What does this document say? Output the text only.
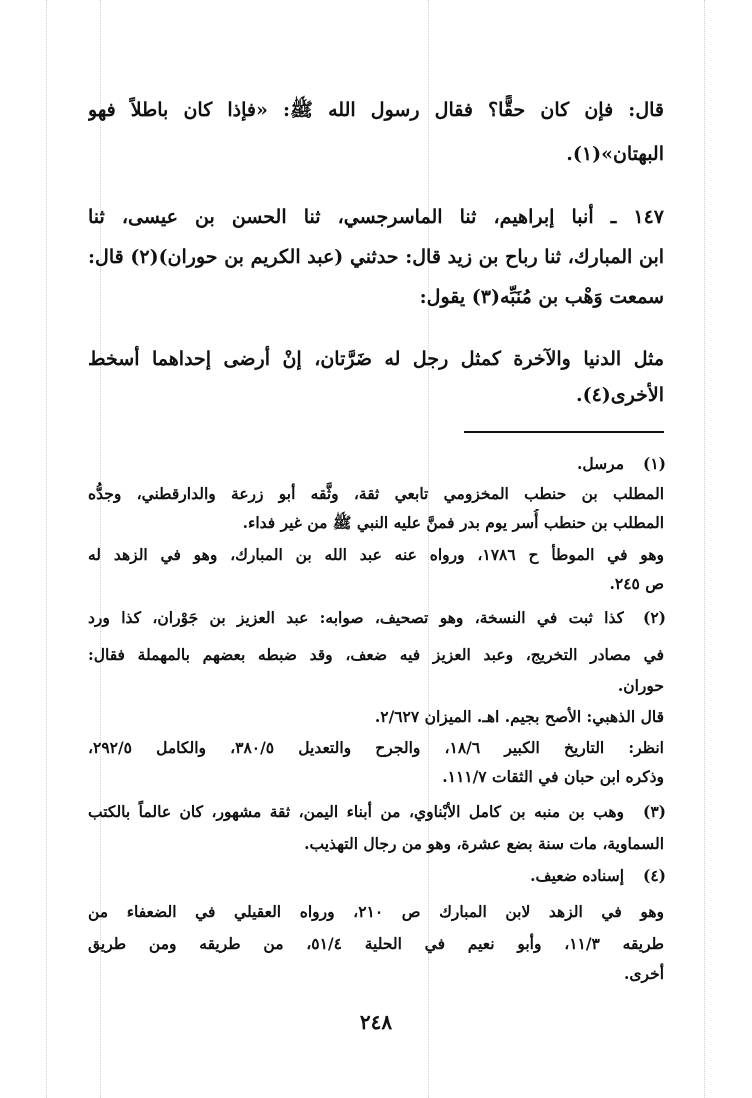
قال: فإن كان حقًّا؟ فقال رسول الله ﷺ: «فإذا كان باطلاً فهو
البهتان»(١).
١٤٧ ـ أنبا إبراهيم، ثنا الماسرجسي، ثنا الحسن بن عيسى، ثنا
ابن المبارك، ثنا رباح بن زيد قال: حدثني (عبد الكريم بن حوران)(٢) قال:
سمعت وَهْب بن مُنَبِّه(٣) يقول:
مثل الدنيا والآخرة كمثل رجل له ضَرَّتان، إنْ أرضى إحداهما أسخط
الأخرى(٤).
(١)
مرسل.
المطلب بن حنطب المخزومي تابعي ثقة، وثَّقه أبو زرعة والدارقطني، وجدُّه
المطلب بن حنطب أُسر يوم بدر فمنَّ عليه النبي ﷺ من غير فداء.
وهو في الموطأ ح ١٧٨٦، ورواه عنه عبد الله بن المبارك، وهو في الزهد له
ص ٢٤٥.
(٢)
كذا ثبت في النسخة، وهو تصحيف، صوابه: عبد العزيز بن جَوْران، كذا ورد
في مصادر التخريج، وعبد العزيز فيه ضعف، وقد ضبطه بعضهم بالمهملة فقال:
حوران.
قال الذهبي: الأصح بجيم. اهـ. الميزان ٢/٦٢٧.
انظر: التاريخ الكبير ١٨/٦، والجرح والتعديل ٣٨٠/٥، والكامل ٢٩٢/٥،
وذكره ابن حبان في الثقات ١١١/٧.
(٣)
وهب بن منبه بن كامل الأبْناوي، من أبناء اليمن، ثقة مشهور، كان عالماً بالكتب
السماوية، مات سنة بضع عشرة، وهو من رجال التهذيب.
(٤)
إسناده ضعيف.
وهو في الزهد لابن المبارك ص ٢١٠، ورواه العقيلي في الضعفاء من
طريقه ١١/٣، وأبو نعيم في الحلية ٥١/٤، من طريقه ومن طريق
أخرى.
٢٤٨
